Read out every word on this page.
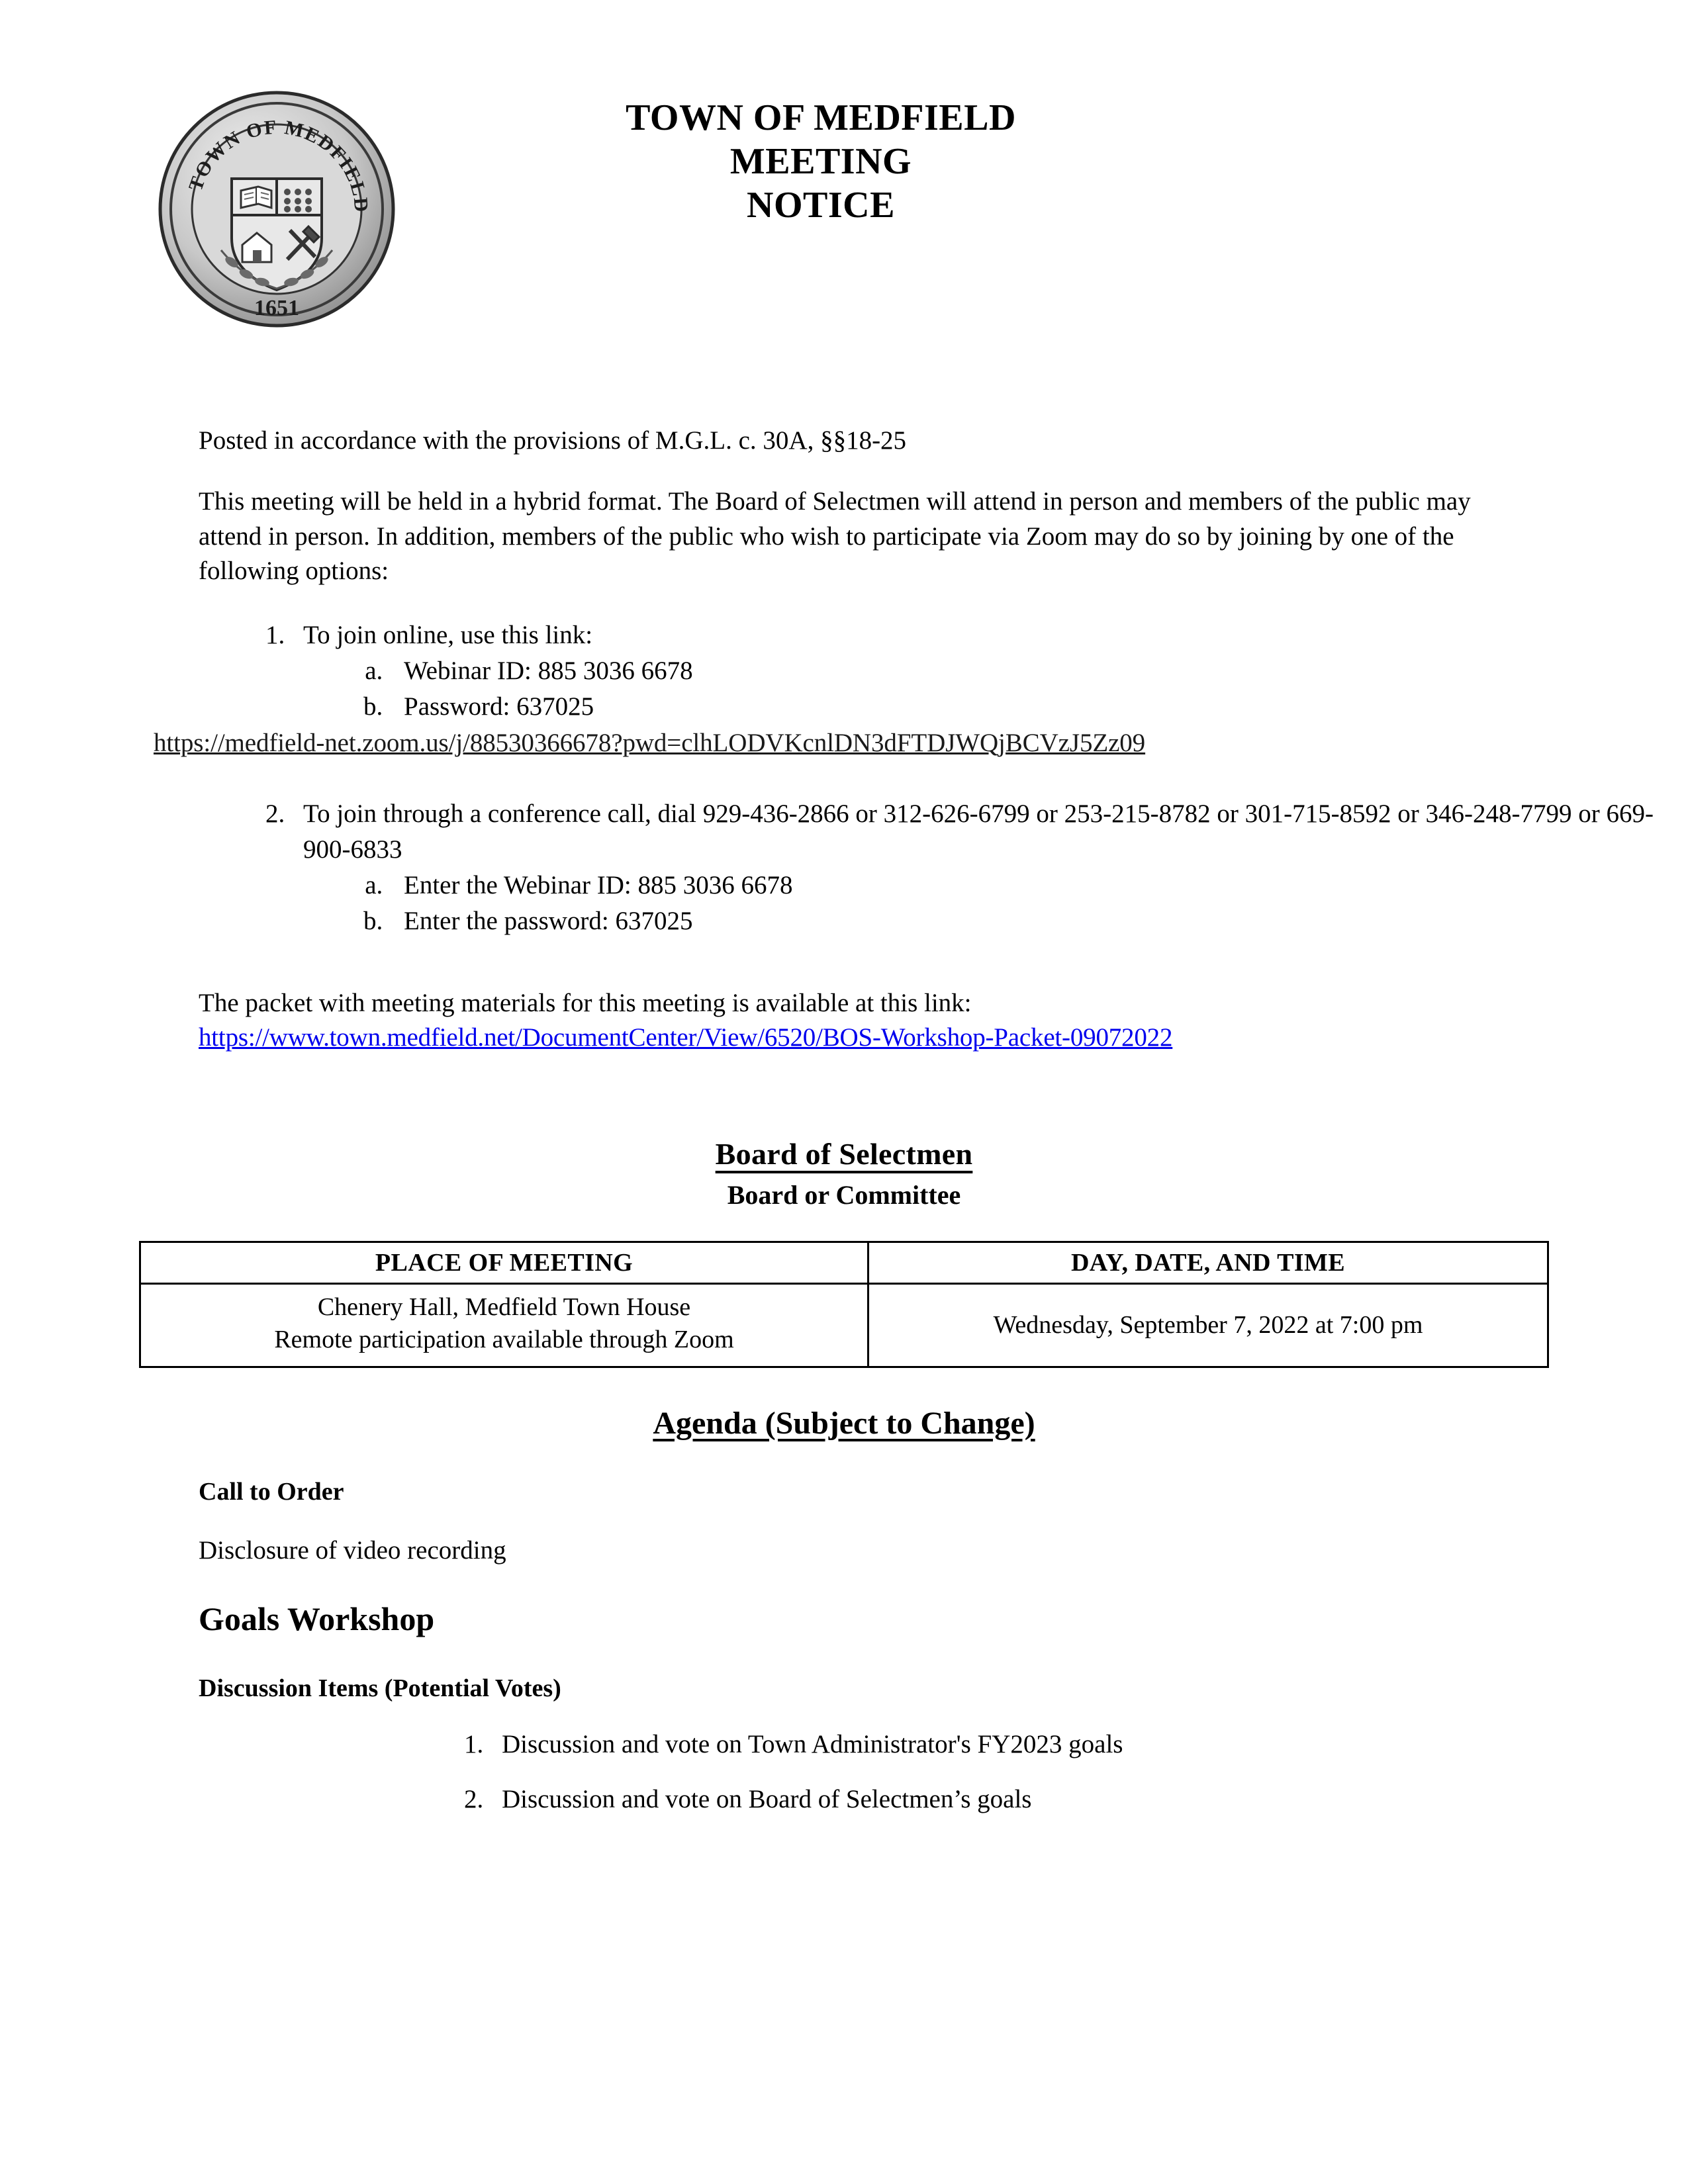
TOWN OF MEDFIELD
1651
TOWN OF MEDFIELD
MEETING
NOTICE

Posted in accordance with the provisions of M.G.L. c. 30A, §§18-25

This meeting will be held in a hybrid format. The Board of Selectmen will attend in person and members of the public may attend in person. In addition, members of the public who wish to participate via Zoom may do so by joining by one of the following options:

1. To join online, use this link:
a. Webinar ID: 885 3036 6678
b. Password: 637025
https://medfield-net.zoom.us/j/88530366678?pwd=clhLODVKcnlDN3dFTDJWQjBCVzJ5Zz09
2. To join through a conference call, dial 929-436-2866 or 312-626-6799 or 253-215-8782 or 301-715-8592 or 346-248-7799 or 669-900-6833
a. Enter the Webinar ID: 885 3036 6678
b. Enter the password: 637025
The packet with meeting materials for this meeting is available at this link:
https://www.town.medfield.net/DocumentCenter/View/6520/BOS-Workshop-Packet-09072022
Board of Selectmen
Board or Committee
PLACE OF MEETING	DAY, DATE, AND TIME

Chenery Hall, Medfield Town House
Remote participation available through Zoom	Wednesday, September 7, 2022 at 7:00 pm
Agenda (Subject to Change)
Call to Order
Disclosure of video recording
Goals Workshop
Discussion Items (Potential Votes)
1. Discussion and vote on Town Administrator's FY2023 goals
2. Discussion and vote on Board of Selectmen’s goals
